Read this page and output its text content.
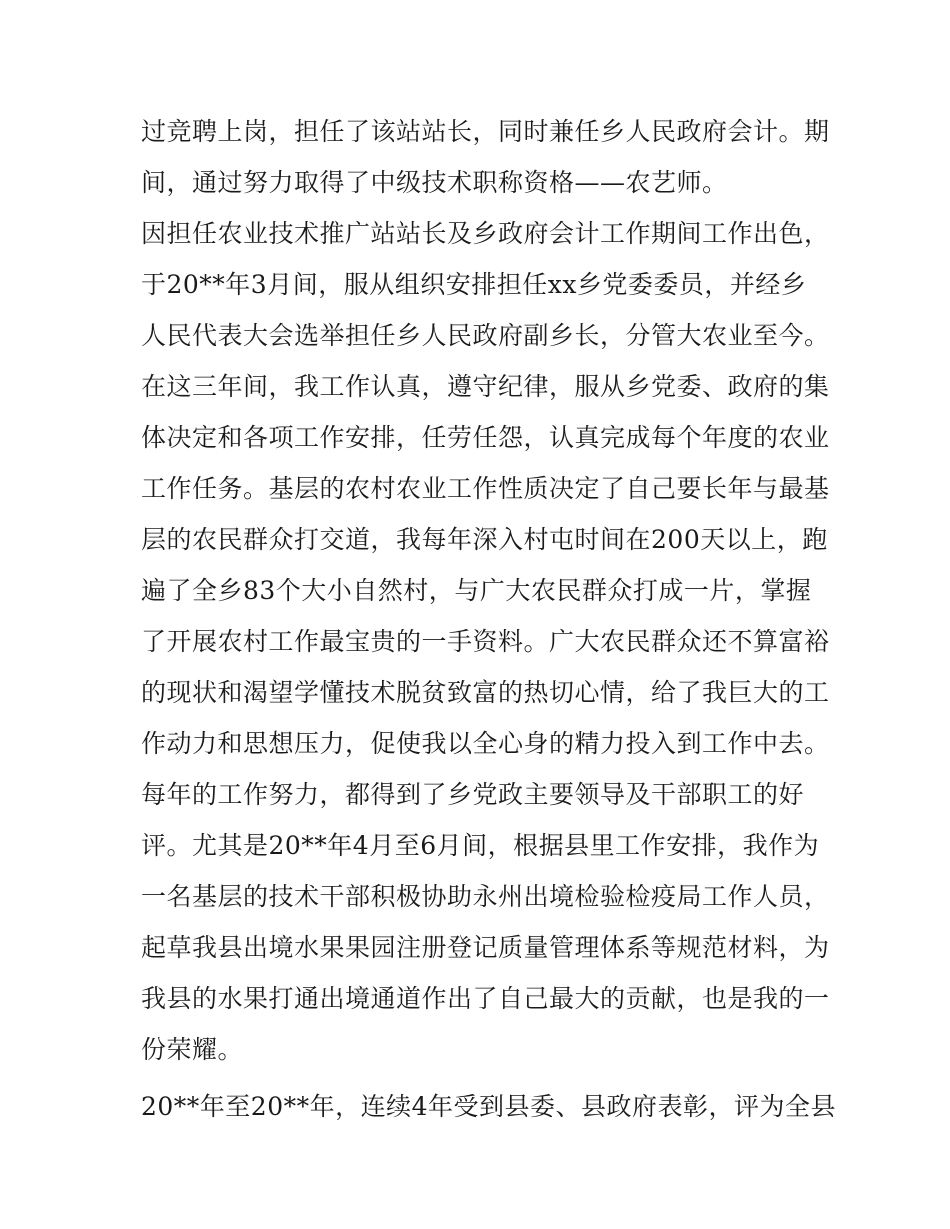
过竞聘上岗，担任了该站站长，同时兼任乡人民政府会计。期
间，通过努力取得了中级技术职称资格——农艺师。
因担任农业技术推广站站长及乡政府会计工作期间工作出色，
于20**年3月间，服从组织安排担任xx乡党委委员，并经乡
人民代表大会选举担任乡人民政府副乡长，分管大农业至今。
在这三年间，我工作认真，遵守纪律，服从乡党委、政府的集
体决定和各项工作安排，任劳任怨，认真完成每个年度的农业
工作任务。基层的农村农业工作性质决定了自己要长年与最基
层的农民群众打交道，我每年深入村屯时间在200天以上，跑
遍了全乡83个大小自然村，与广大农民群众打成一片，掌握
了开展农村工作最宝贵的一手资料。广大农民群众还不算富裕
的现状和渴望学懂技术脱贫致富的热切心情，给了我巨大的工
作动力和思想压力，促使我以全心身的精力投入到工作中去。
每年的工作努力，都得到了乡党政主要领导及干部职工的好
评。尤其是20**年4月至6月间，根据县里工作安排，我作为
一名基层的技术干部积极协助永州出境检验检疫局工作人员，
起草我县出境水果果园注册登记质量管理体系等规范材料，为
我县的水果打通出境通道作出了自己最大的贡献，也是我的一
份荣耀。
20**年至20**年，连续4年受到县委、县政府表彰，评为全县
